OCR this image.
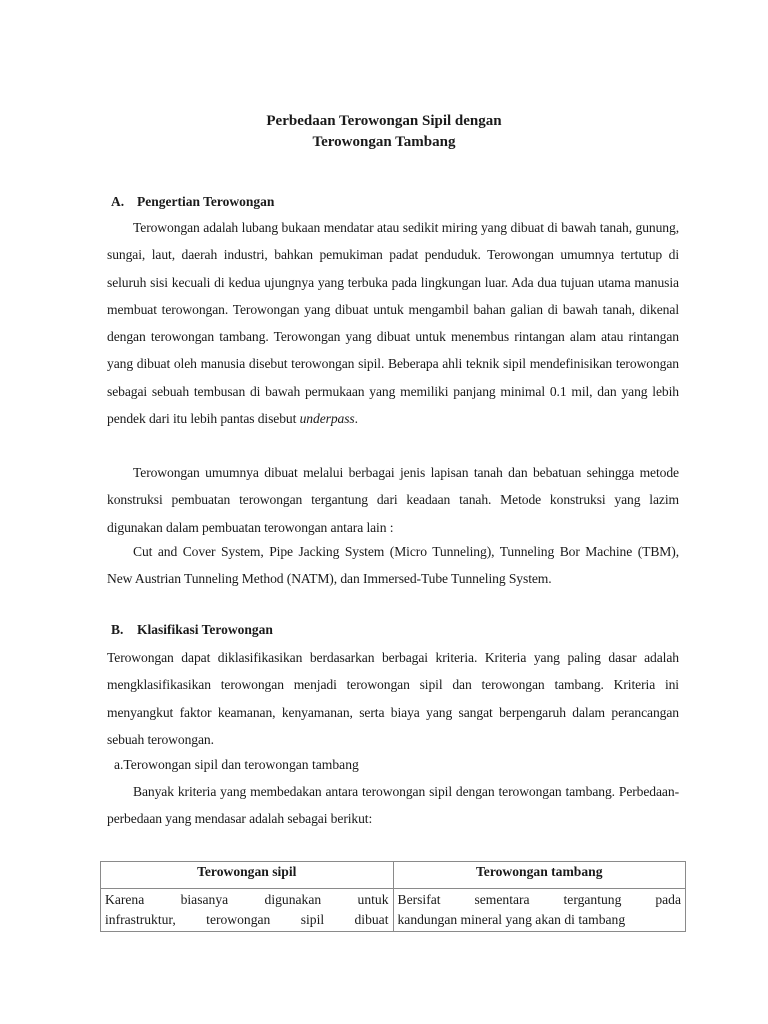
Perbedaan Terowongan Sipil dengan
Terowongan Tambang
A. Pengertian Terowongan
Terowongan adalah lubang bukaan mendatar atau sedikit miring yang dibuat di bawah tanah, gunung, sungai, laut, daerah industri, bahkan pemukiman padat penduduk. Terowongan umumnya tertutup di seluruh sisi kecuali di kedua ujungnya yang terbuka pada lingkungan luar. Ada dua tujuan utama manusia membuat terowongan. Terowongan yang dibuat untuk mengambil bahan galian di bawah tanah, dikenal dengan terowongan tambang. Terowongan yang dibuat untuk menembus rintangan alam atau rintangan yang dibuat oleh manusia disebut terowongan sipil. Beberapa ahli teknik sipil mendefinisikan terowongan sebagai sebuah tembusan di bawah permukaan yang memiliki panjang minimal 0.1 mil, dan yang lebih pendek dari itu lebih pantas disebut underpass.
Terowongan umumnya dibuat melalui berbagai jenis lapisan tanah dan bebatuan sehingga metode konstruksi pembuatan terowongan tergantung dari keadaan tanah. Metode konstruksi yang lazim digunakan dalam pembuatan terowongan antara lain :
Cut and Cover System, Pipe Jacking System (Micro Tunneling), Tunneling Bor Machine (TBM), New Austrian Tunneling Method (NATM), dan Immersed-Tube Tunneling System.
B. Klasifikasi Terowongan
Terowongan dapat diklasifikasikan berdasarkan berbagai kriteria. Kriteria yang paling dasar adalah mengklasifikasikan terowongan menjadi terowongan sipil dan terowongan tambang. Kriteria ini menyangkut faktor keamanan, kenyamanan, serta biaya yang sangat berpengaruh dalam perancangan sebuah terowongan.
a.Terowongan sipil dan terowongan tambang
Banyak kriteria yang membedakan antara terowongan sipil dengan terowongan tambang. Perbedaan-perbedaan yang mendasar adalah sebagai berikut:
Terowongan sipil	Terowongan tambang

Karena biasanya digunakan untuk
infrastruktur, terowongan sipil dibuat	Bersifat sementara tergantung pada
kandungan mineral yang akan di tambang
